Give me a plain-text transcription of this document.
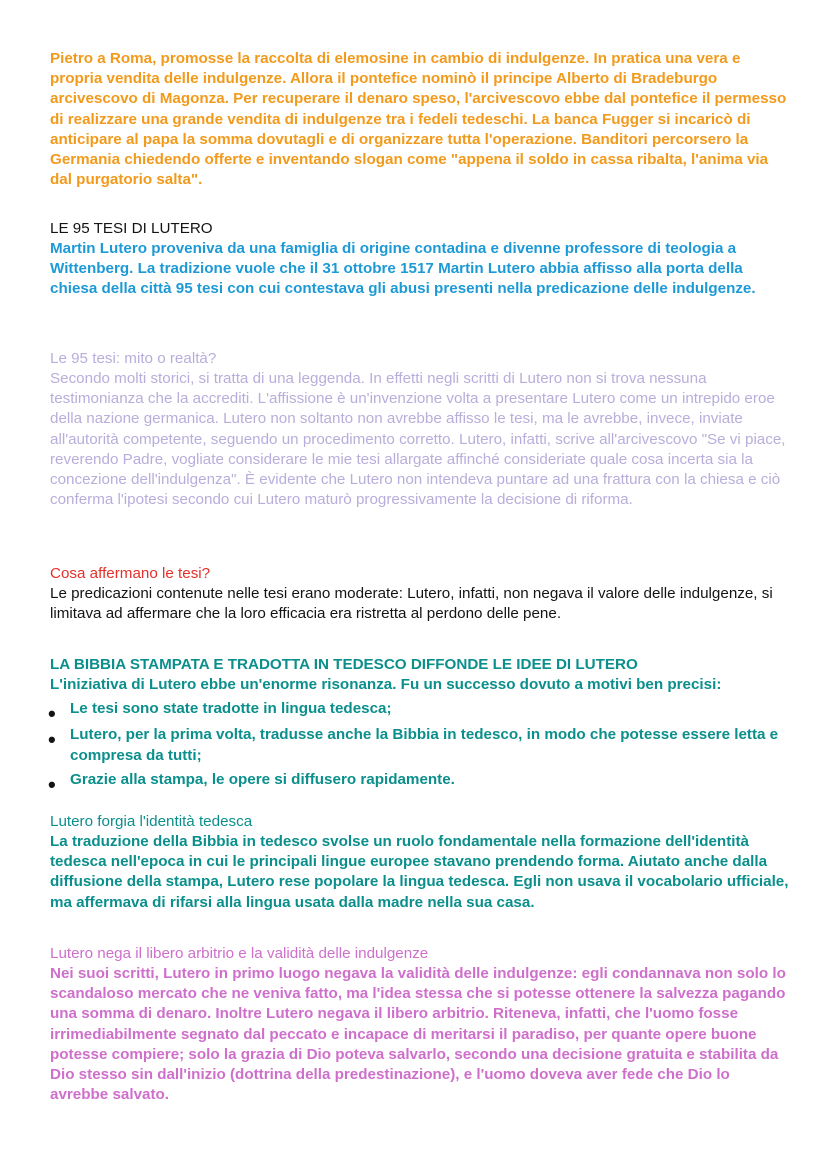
Pietro a Roma, promosse la raccolta di elemosine in cambio di indulgenze. In pratica una vera e propria vendita delle indulgenze. Allora il pontefice nominò il principe Alberto di Bradeburgo arcivescovo di Magonza. Per recuperare il denaro speso, l'arcivescovo ebbe dal pontefice il permesso di realizzare una grande vendita di indulgenze tra i fedeli tedeschi. La banca Fugger si incaricò di anticipare al papa la somma dovutagli e di organizzare tutta l'operazione. Banditori percorsero la Germania chiedendo offerte e inventando slogan come "appena il soldo in cassa ribalta, l'anima via dal purgatorio salta".

LE 95 TESI DI LUTERO

Martin Lutero proveniva da una famiglia di origine contadina e divenne professore di teologia a Wittenberg. La tradizione vuole che il 31 ottobre 1517 Martin Lutero abbia affisso alla porta della chiesa della città 95 tesi con cui contestava gli abusi presenti nella predicazione delle indulgenze.

Le 95 tesi: mito o realtà?

Secondo molti storici, si tratta di una leggenda. In effetti negli scritti di Lutero non si trova nessuna testimonianza che la accrediti. L'affissione è un'invenzione volta a presentare Lutero come un intrepido eroe della nazione germanica. Lutero non soltanto non avrebbe affisso le tesi, ma le avrebbe, invece, inviate all'autorità competente, seguendo un procedimento corretto. Lutero, infatti, scrive all'arcivescovo "Se vi piace, reverendo Padre, vogliate considerare le mie tesi allargate affinché consideriate quale cosa incerta sia la concezione dell'indulgenza". È evidente che Lutero non intendeva puntare ad una frattura con la chiesa e ciò conferma l'ipotesi secondo cui Lutero maturò progressivamente la decisione di riforma.

Cosa affermano le tesi?

Le predicazioni contenute nelle tesi erano moderate: Lutero, infatti, non negava il valore delle indulgenze, si limitava ad affermare che la loro efficacia era ristretta al perdono delle pene.

LA BIBBIA STAMPATA E TRADOTTA IN TEDESCO DIFFONDE LE IDEE DI LUTERO

L'iniziativa di Lutero ebbe un'enorme risonanza. Fu un successo dovuto a motivi ben precisi:

• Le tesi sono state tradotte in lingua tedesca;
• Lutero, per la prima volta, tradusse anche la Bibbia in tedesco, in modo che potesse essere letta e compresa da tutti;
• Grazie alla stampa, le opere si diffusero rapidamente.

Lutero forgia l'identità tedesca

La traduzione della Bibbia in tedesco svolse un ruolo fondamentale nella formazione dell'identità tedesca nell'epoca in cui le principali lingue europee stavano prendendo forma. Aiutato anche dalla diffusione della stampa, Lutero rese popolare la lingua tedesca. Egli non usava il vocabolario ufficiale, ma affermava di rifarsi alla lingua usata dalla madre nella sua casa.

Lutero nega il libero arbitrio e la validità delle indulgenze

Nei suoi scritti, Lutero in primo luogo negava la validità delle indulgenze: egli condannava non solo lo scandaloso mercato che ne veniva fatto, ma l'idea stessa che si potesse ottenere la salvezza pagando una somma di denaro. Inoltre Lutero negava il libero arbitrio. Riteneva, infatti, che l'uomo fosse irrimediabilmente segnato dal peccato e incapace di meritarsi il paradiso, per quante opere buone potesse compiere; solo la grazia di Dio poteva salvarlo, secondo una decisione gratuita e stabilita da Dio stesso sin dall'inizio (dottrina della predestinazione), e l'uomo doveva aver fede che Dio lo avrebbe salvato.
